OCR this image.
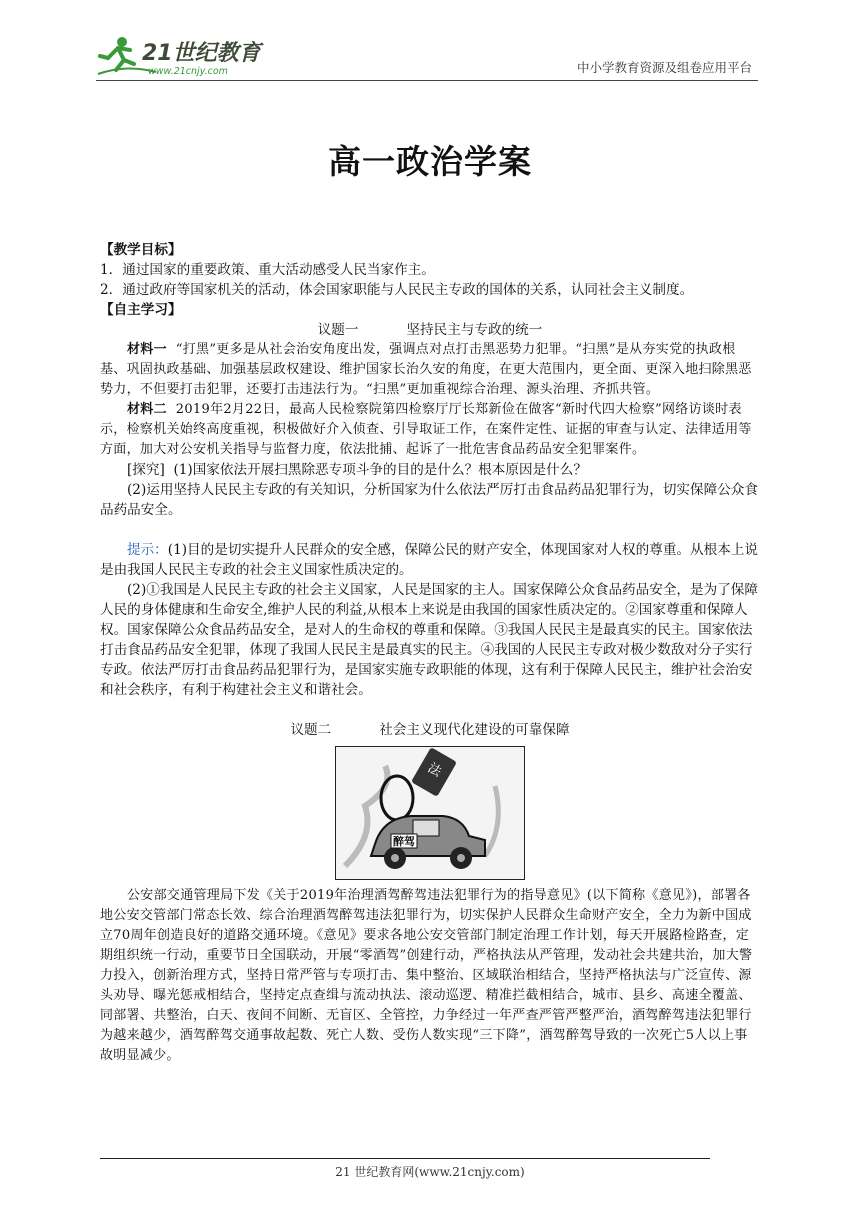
21世纪教育
www.21cnjy.com	中小学教育资源及组卷应用平台
高一政治学案

【教学目标】

1．通过国家的重要政策、重大活动感受人民当家作主。

2．通过政府等国家机关的活动，体会国家职能与人民民主专政的国体的关系，认同社会主义制度。

【自主学习】

议题一	坚持民主与专政的统一

材料一 “打黑”更多是从社会治安角度出发，强调点对点打击黑恶势力犯罪。“扫黑”是从夯实党的执政根基、巩固执政基础、加强基层政权建设、维护国家长治久安的角度，在更大范围内，更全面、更深入地扫除黑恶势力，不但要打击犯罪，还要打击违法行为。“扫黑”更加重视综合治理、源头治理、齐抓共管。

材料二 2019年2月22日，最高人民检察院第四检察厅厅长郑新俭在做客“新时代四大检察”网络访谈时表示，检察机关始终高度重视，积极做好介入侦查、引导取证工作，在案件定性、证据的审查与认定、法律适用等方面，加大对公安机关指导与监督力度，依法批捕、起诉了一批危害食品药品安全犯罪案件。

[探究] (1)国家依法开展扫黑除恶专项斗争的目的是什么？根本原因是什么？

(2)运用坚持人民民主专政的有关知识，分析国家为什么依法严厉打击食品药品犯罪行为，切实保障公众食品药品安全。

提示：(1)目的是切实提升人民群众的安全感，保障公民的财产安全，体现国家对人权的尊重。从根本上说是由我国人民民主专政的社会主义国家性质决定的。

(2)①我国是人民民主专政的社会主义国家，人民是国家的主人。国家保障公众食品药品安全，是为了保障人民的身体健康和生命安全,维护人民的利益,从根本上来说是由我国的国家性质决定的。②国家尊重和保障人权。国家保障公众食品药品安全，是对人的生命权的尊重和保障。③我国人民民主是最真实的民主。国家依法打击食品药品安全犯罪，体现了我国人民民主是最真实的民主。④我国的人民民主专政对极少数敌对分子实行专政。依法严厉打击食品药品犯罪行为，是国家实施专政职能的体现，这有利于保障人民民主，维护社会治安和社会秩序，有利于构建社会主义和谐社会。

议题二	社会主义现代化建设的可靠保障

法
醉驾

公安部交通管理局下发《关于2019年治理酒驾醉驾违法犯罪行为的指导意见》(以下简称《意见》)，部署各地公安交管部门常态长效、综合治理酒驾醉驾违法犯罪行为，切实保护人民群众生命财产安全，全力为新中国成立70周年创造良好的道路交通环境。《意见》要求各地公安交管部门制定治理工作计划，每天开展路检路查，定期组织统一行动，重要节日全国联动，开展“零酒驾”创建行动，严格执法从严管理，发动社会共建共治，加大警力投入，创新治理方式，坚持日常严管与专项打击、集中整治、区域联治相结合，坚持严格执法与广泛宣传、源头劝导、曝光惩戒相结合，坚持定点查缉与流动执法、滚动巡逻、精准拦截相结合，城市、县乡、高速全覆盖、同部署、共整治，白天、夜间不间断、无盲区、全管控，力争经过一年严查严管严整严治，酒驾醉驾违法犯罪行为越来越少，酒驾醉驾交通事故起数、死亡人数、受伤人数实现“三下降”，酒驾醉驾导致的一次死亡5人以上事故明显减少。

21 世纪教育网(www.21cnjy.com)
